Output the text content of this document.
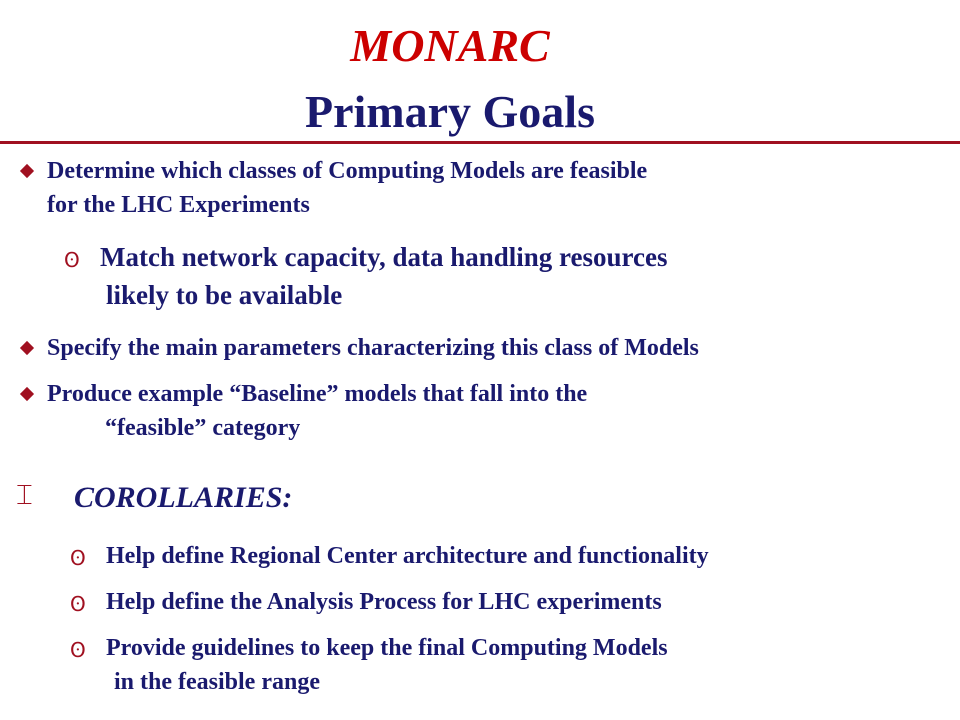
MONARC
Primary Goals
Determine which classes of Computing Models are feasible
for the LHC Experiments
ʘ Match network capacity, data handling resources
likely to be available
Specify the main parameters characterizing this class of Models
Produce example “Baseline” models that fall into the
“feasible” category
⌶ COROLLARIES:
ʘ Help define Regional Center architecture and functionality
ʘ Help define the Analysis Process for LHC experiments
ʘ Provide guidelines to keep the final Computing Models
in the feasible range
